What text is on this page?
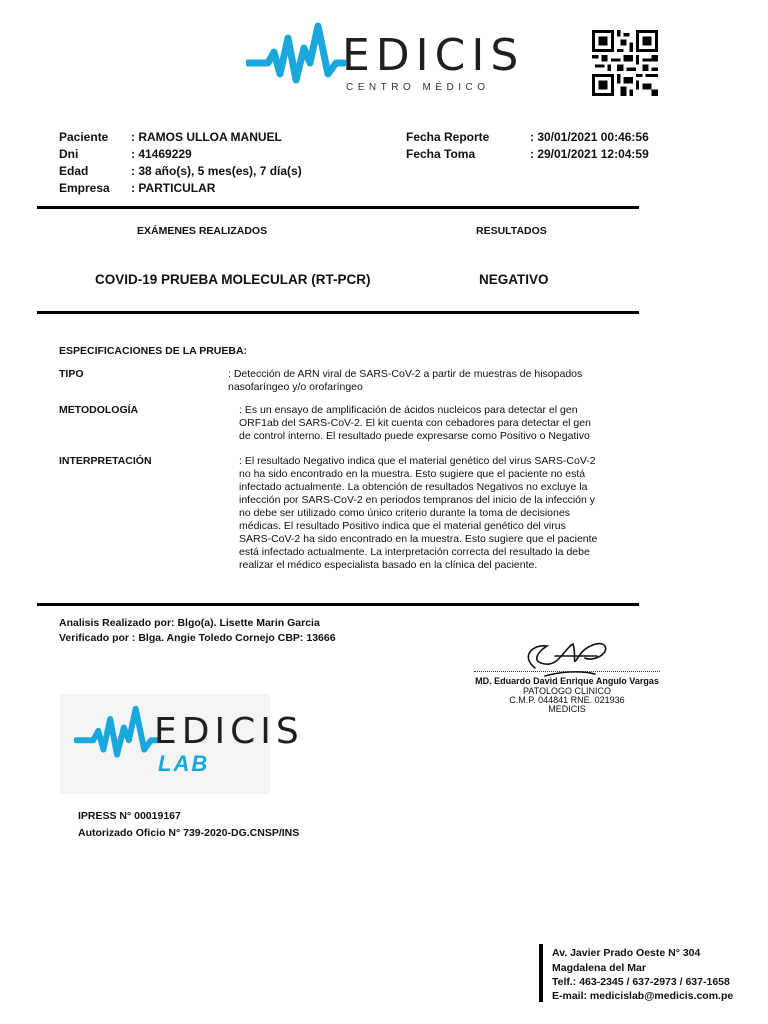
EDICIS
CENTRO MÉDICO
Paciente : RAMOS ULLOA MANUEL
Dni	: 41469229
Edad	: 38 año(s), 5 mes(es), 7 día(s)
Empresa : PARTICULAR
Fecha Reporte	: 30/01/2021 00:46:56
Fecha Toma	: 29/01/2021 12:04:59
EXÁMENES REALIZADOS	RESULTADOS
COVID-19 PRUEBA MOLECULAR (RT-PCR)	NEGATIVO
ESPECIFICACIONES DE LA PRUEBA:
TIPO	: Detección de ARN viral de SARS-CoV-2 a partir de muestras de hisopados
nasofaríngeo y/o orofaríngeo
METODOLOGÍA	: Es un ensayo de amplificación de ácidos nucleicos para detectar el gen
ORF1ab del SARS-CoV-2. El kit cuenta con cebadores para detectar el gen
de control interno. El resultado puede expresarse como Positivo o Negativo
INTERPRETACIÓN	: El resultado Negativo indica que el material genético del virus SARS-CoV-2
no ha sido encontrado en la muestra. Esto sugiere que el paciente no está
infectado actualmente. La obtención de resultados Negativos no excluye la
infección por SARS-CoV-2 en periodos tempranos del inicio de la infección y
no debe ser utilizado como único criterio durante la toma de decisiones
médicas. El resultado Positivo indica que el material genético del virus
SARS-CoV-2 ha sido encontrado en la muestra. Esto sugiere que el paciente
está infectado actualmente. La interpretación correcta del resultado la debe
realizar el médico especialista basado en la clínica del paciente.
Analisis Realizado por: Blgo(a). Lisette Marin Garcia
Verificado por : Blga. Angie Toledo Cornejo CBP: 13666
MD. Eduardo David Enrique Angulo Vargas
PATOLOGO CLINICO
C.M.P. 044841 RNE. 021936
MEDICIS
EDICIS
LAB
IPRESS N° 00019167
Autorizado Oficio N° 739-2020-DG.CNSP/INS
Av. Javier Prado Oeste N° 304
Magdalena del Mar
Telf.: 463-2345 / 637-2973 / 637-1658
E-mail: medicislab@medicis.com.pe
